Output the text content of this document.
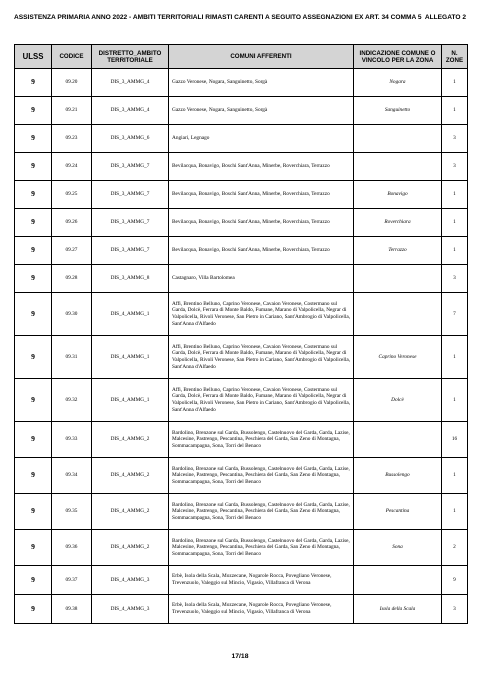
ASSISTENZA PRIMARIA ANNO 2022 - AMBITI TERRITORIALI RIMASTI CARENTI A SEGUITO ASSEGNAZIONI EX ART. 34 COMMA 5 ALLEGATO 2
ULSS	CODICE	DISTRETTO_AMBITO TERRITORIALE	COMUNI AFFERENTI	INDICAZIONE COMUNE O VINCOLO PER LA ZONA	N. ZONE
9	09.20	DIS_3_AMMG_4	Gazzo Veronese, Nogara, Sanguinetto, Sorgà	Nogara	1
9	09.21	DIS_3_AMMG_4	Gazzo Veronese, Nogara, Sanguinetto, Sorgà	Sanguinetto	1
9	09.23	DIS_3_AMMG_6	Angiari, Legnago		3
9	09.24	DIS_3_AMMG_7	Bevilacqua, Bonavigo, Boschi Sant'Anna, Minerbe, Roverchiara, Terrazzo		3
9	09.25	DIS_3_AMMG_7	Bevilacqua, Bonavigo, Boschi Sant'Anna, Minerbe, Roverchiara, Terrazzo	Bonavigo	1
9	09.26	DIS_3_AMMG_7	Bevilacqua, Bonavigo, Boschi Sant'Anna, Minerbe, Roverchiara, Terrazzo	Roverchiara	1
9	09.27	DIS_3_AMMG_7	Bevilacqua, Bonavigo, Boschi Sant'Anna, Minerbe, Roverchiara, Terrazzo	Terrazzo	1
9	09.28	DIS_3_AMMG_8	Castagnaro, Villa Bartolomea		3
9	09.30	DIS_4_AMMG_1	Affi, Brentino Belluno, Caprino Veronese, Cavaion Veronese, Costermano sul Garda, Dolcè, Ferrara di Monte Baldo, Fumane, Marano di Valpolicella, Negrar di Valpolicella, Rivoli Veronese, San Pietro in Cariano, Sant'Ambrogio di Valpolicella, Sant'Anna d'Alfaedo		7
9	09.31	DIS_4_AMMG_1	Affi, Brentino Belluno, Caprino Veronese, Cavaion Veronese, Costermano sul Garda, Dolcè, Ferrara di Monte Baldo, Fumane, Marano di Valpolicella, Negrar di Valpolicella, Rivoli Veronese, San Pietro in Cariano, Sant'Ambrogio di Valpolicella, Sant'Anna d'Alfaedo	Caprino Veronese	1
9	09.32	DIS_4_AMMG_1	Affi, Brentino Belluno, Caprino Veronese, Cavaion Veronese, Costermano sul Garda, Dolcè, Ferrara di Monte Baldo, Fumane, Marano di Valpolicella, Negrar di Valpolicella, Rivoli Veronese, San Pietro in Cariano, Sant'Ambrogio di Valpolicella, Sant'Anna d'Alfaedo	Dolcè	1
9	09.33	DIS_4_AMMG_2	Bardolino, Brenzone sul Garda, Bussolengo, Castelnuovo del Garda, Garda, Lazise, Malcesine, Pastrengo, Pescantina, Peschiera del Garda, San Zeno di Montagna, Sommacampagna, Sona, Torri del Benaco		16
9	09.34	DIS_4_AMMG_2	Bardolino, Brenzone sul Garda, Bussolengo, Castelnuovo del Garda, Garda, Lazise, Malcesine, Pastrengo, Pescantina, Peschiera del Garda, San Zeno di Montagna, Sommacampagna, Sona, Torri del Benaco	Bussolengo	1
9	09.35	DIS_4_AMMG_2	Bardolino, Brenzone sul Garda, Bussolengo, Castelnuovo del Garda, Garda, Lazise, Malcesine, Pastrengo, Pescantina, Peschiera del Garda, San Zeno di Montagna, Sommacampagna, Sona, Torri del Benaco	Pescantina	1
9	09.36	DIS_4_AMMG_2	Bardolino, Brenzone sul Garda, Bussolengo, Castelnuovo del Garda, Garda, Lazise, Malcesine, Pastrengo, Pescantina, Peschiera del Garda, San Zeno di Montagna, Sommacampagna, Sona, Torri del Benaco	Sona	2
9	09.37	DIS_4_AMMG_3	Erbè, Isola della Scala, Mozzecane, Nogarole Rocca, Povegliano Veronese, Trevenzuolo, Valeggio sul Mincio, Vigasio, Villafranca di Verona		9
9	09.38	DIS_4_AMMG_3	Erbè, Isola della Scala, Mozzecane, Nogarole Rocca, Povegliano Veronese, Trevenzuolo, Valeggio sul Mincio, Vigasio, Villafranca di Verona	Isola della Scala	3
17/18
